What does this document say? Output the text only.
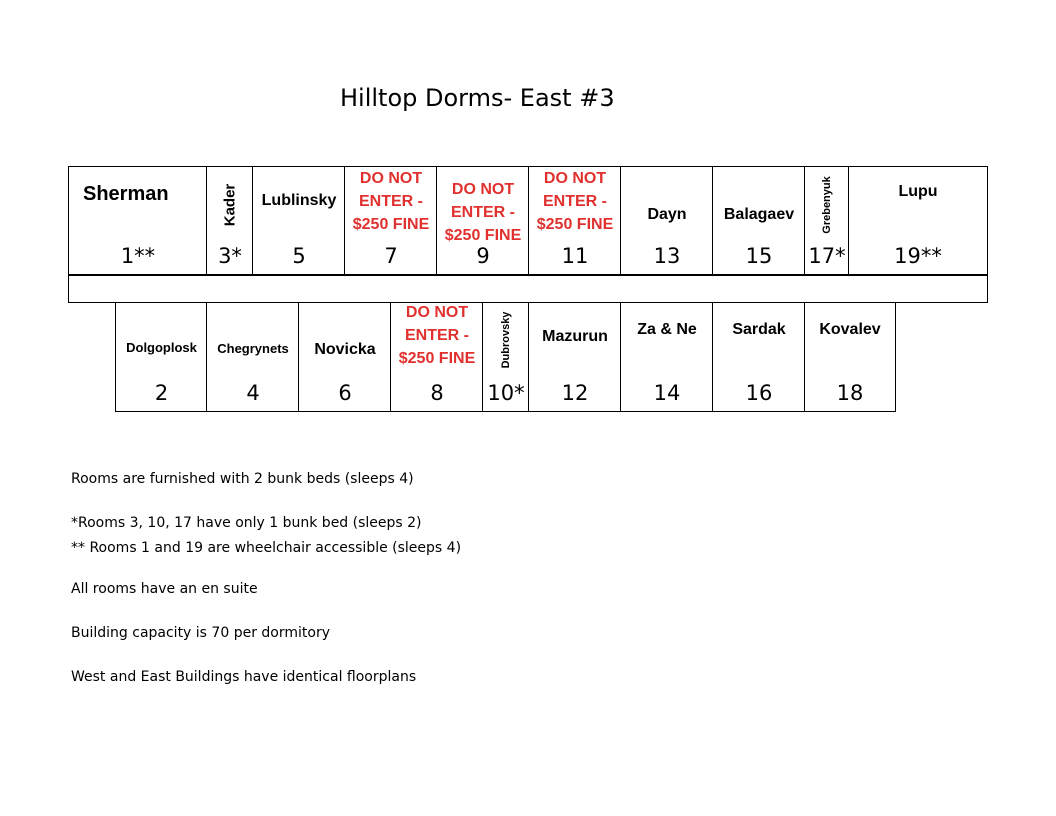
Hilltop Dorms- East #3
Sherman
1**
Kader
3*
Lublinsky
5
DO NOT
ENTER -
$250 FINE
7
DO NOT
ENTER -
$250 FINE
9
DO NOT
ENTER -
$250 FINE
11
Dayn
13
Balagaev
15
Grebenyuk
17*
Lupu
19**
Dolgoplosk
2
Chegrynets
4
Novicka
6
DO NOT
ENTER -
$250 FINE
8
Dubrovsky
10*
Mazurun
12
Za & Ne
14
Sardak
16
Kovalev
18
Rooms are furnished with 2 bunk beds (sleeps 4)
*Rooms 3, 10, 17 have only 1 bunk bed (sleeps 2)
** Rooms 1 and 19 are wheelchair accessible (sleeps 4)
All rooms have an en suite
Building capacity is 70 per dormitory
West and East Buildings have identical floorplans
